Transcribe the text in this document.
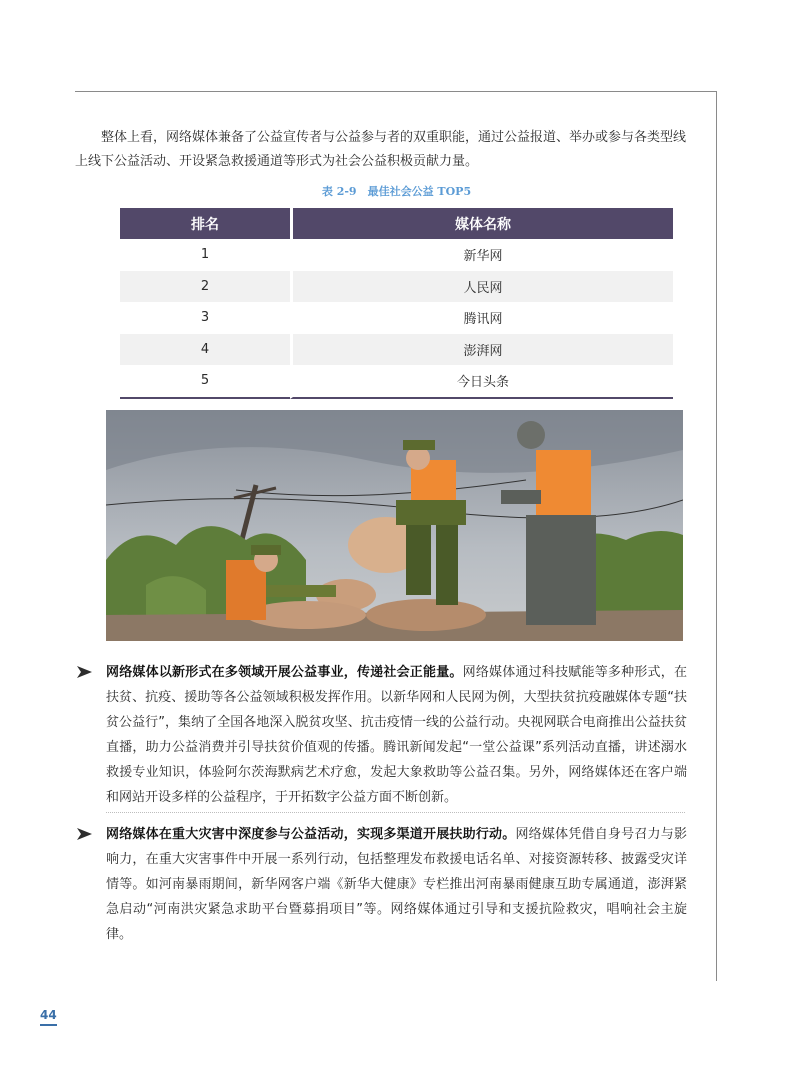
整体上看，网络媒体兼备了公益宣传者与公益参与者的双重职能，通过公益报道、举办或参与各类型线上线下公益活动、开设紧急救援通道等形式为社会公益积极贡献力量。

表 2-9　最佳社会公益 TOP5
排名	媒体名称
1	新华网
2	人民网
3	腾讯网
4	澎湃网
5	今日头条

网络媒体以新形式在多领域开展公益事业，传递社会正能量。网络媒体通过科技赋能等多种形式，在扶贫、抗疫、援助等各公益领域积极发挥作用。以新华网和人民网为例，大型扶贫抗疫融媒体专题“扶贫公益行”，集纳了全国各地深入脱贫攻坚、抗击疫情一线的公益行动。央视网联合电商推出公益扶贫直播，助力公益消费并引导扶贫价值观的传播。腾讯新闻发起“一堂公益课”系列活动直播，讲述溺水救援专业知识，体验阿尔茨海默病艺术疗愈，发起大象救助等公益召集。另外，网络媒体还在客户端和网站开设多样的公益程序，于开拓数字公益方面不断创新。

网络媒体在重大灾害中深度参与公益活动，实现多渠道开展扶助行动。网络媒体凭借自身号召力与影响力，在重大灾害事件中开展一系列行动，包括整理发布救援电话名单、对接资源转移、披露受灾详情等。如河南暴雨期间，新华网客户端《新华大健康》专栏推出河南暴雨健康互助专属通道，澎湃紧急启动“河南洪灾紧急求助平台暨募捐项目”等。网络媒体通过引导和支援抗险救灾，唱响社会主旋律。

44
